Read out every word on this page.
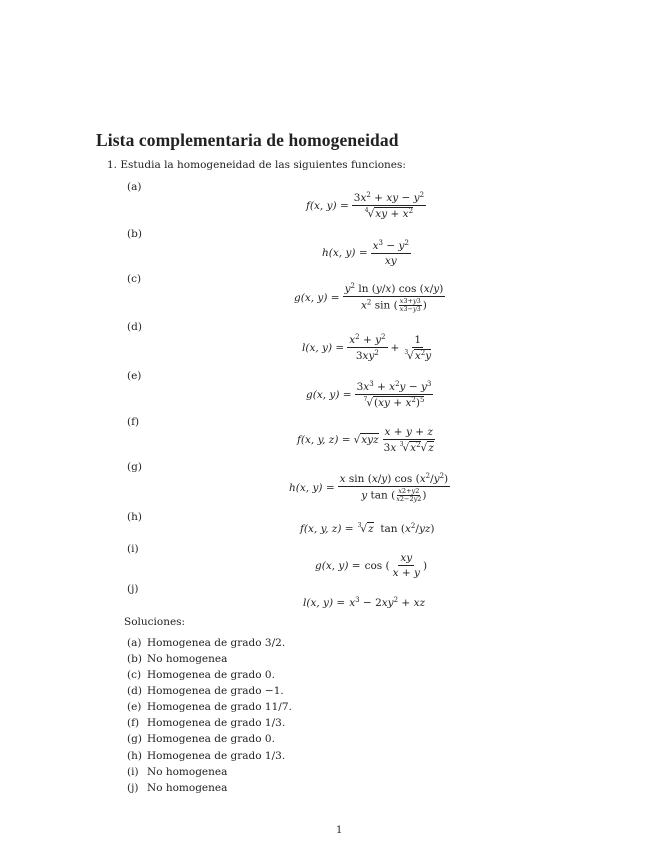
Lista complementaria de homogeneidad
1. Estudia la homogeneidad de las siguientes funciones:
(a)
f(x, $y) = \frac{3x^2 + xy - y^2}{^4√xy + x^2}$
(b)
h(x, $y) = \frac{x^3 - y^2}{xy}$
(c)
g(x, $y) = \frac{y^2 \ln (y/x) \cos (x/y)}{x^2 \sin ( \frac{x3+y3}{x3-y3} )}$
(d)
l(x, $y) = \frac{x^2 + y^2}{3xy^2} + \frac{1}{^3√x^2y}$
(e)
g(x, $y) = \frac{3x^3 + x^2y - y^3}{^7√(xy + x^2)^5}$
(f)
f(x, y, $z) = √xyz \frac{x + y + z}{3x ^3√x^2√z}$
(g)
h(x, $y) = \frac{x \sin (x/y) \cos (x^2/y^2)}{y \tan ( \frac{x2+y2}{x2-2y2} )}$
(h)
f(x, y, z) = $^3$√z  $\tan (x^2/yz)$
(i)
g(x, y) = cos ( $\frac{xy}{x + y}$ )
(j)
l(x, $y) = x^3 - 2xy^2$ + xz
Soluciones:
(a) Homogenea de grado 3/2.
(b) No homogenea
(c) Homogenea de grado 0.
(d) Homogenea de grado −1.
(e) Homogenea de grado 11/7.
(f) Homogenea de grado 1/3.
(g) Homogenea de grado 0.
(h) Homogenea de grado 1/3.
(i) No homogenea
(j) No homogenea
1
